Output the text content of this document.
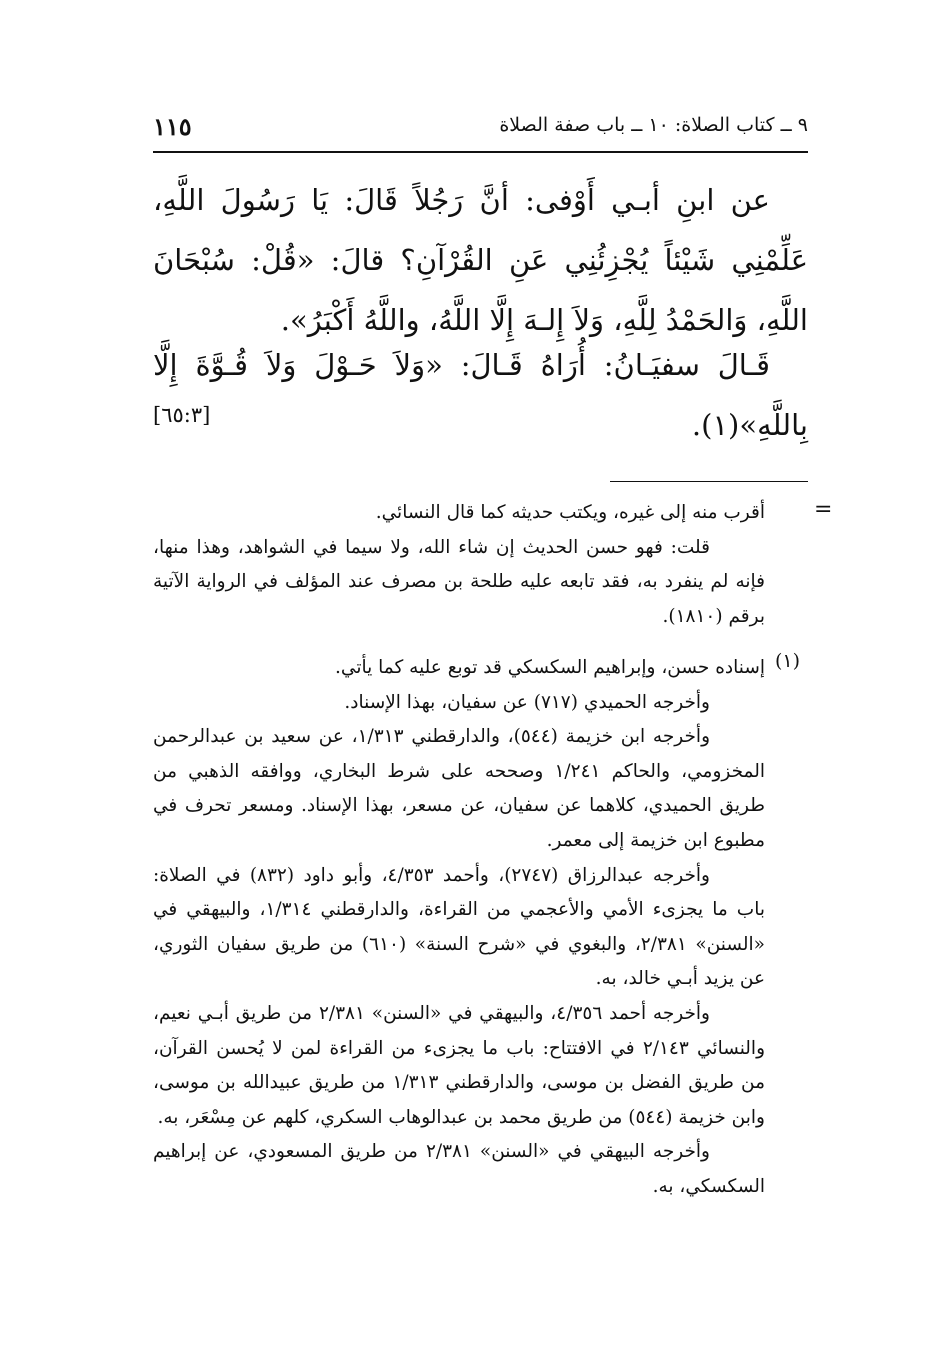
١١٥	٩ ــ كتاب الصلاة: ١٠ ــ باب صفة الصلاة

عن ابنِ أبـي أَوْفى: أنَّ رَجُلاً قَالَ: يَا رَسُولَ اللَّهِ، عَلِّمْنِي شَيْئاً يُجْزِئُنِي عَنِ القُرْآنِ؟ قالَ: «قُلْ: سُبْحَانَ اللَّهِ، وَالحَمْدُ لِلَّهِ، وَلاَ إِلـهَ إِلَّا اللَّهُ، واللَّهُ أَكْبَرُ».

قَـالَ سفيَـانُ: أُرَاهُ قَـالَ: «وَلاَ حَـوْلَ وَلاَ قُـوَّةَ إِلَّا بِاللَّهِ»(١).

[٦٥:٣]
=

أقرب منه إلى غيره، ويكتب حديثه كما قال النسائي.

قلت: فهو حسن الحديث إن شاء الله، ولا سيما في الشواهد، وهذا منها، فإنه لم ينفرد به، فقد تابعه عليه طلحة بن مصرف عند المؤلف في الرواية الآتية برقم (١٨١٠).

(١)

إسناده حسن، وإبراهيم السكسكي قد توبع عليه كما يأتي.

وأخرجه الحميدي (٧١٧) عن سفيان، بهذا الإسناد.

وأخرجه ابن خزيمة (٥٤٤)، والدارقطني ١/٣١٣، عن سعيد بن عبدالرحمن المخزومي، والحاكم ١/٢٤١ وصححه على شرط البخاري، ووافقه الذهبي من طريق الحميدي، كلاهما عن سفيان، عن مسعر، بهذا الإسناد. ومسعر تحرف في مطبوع ابن خزيمة إلى معمر.

وأخرجه عبدالرزاق (٢٧٤٧)، وأحمد ٤/٣٥٣، وأبو داود (٨٣٢) في الصلاة: باب ما يجزىء الأمي والأعجمي من القراءة، والدارقطني ١/٣١٤، والبيهقي في «السنن» ٢/٣٨١، والبغوي في «شرح السنة» (٦١٠) من طريق سفيان الثوري، عن يزيد أبـي خالد، به.

وأخرجه أحمد ٤/٣٥٦، والبيهقي في «السنن» ٢/٣٨١ من طريق أبـي نعيم، والنسائي ٢/١٤٣ في الافتتاح: باب ما يجزىء من القراءة لمن لا يُحسن القرآن، من طريق الفضل بن موسى، والدارقطني ١/٣١٣ من طريق عبيدالله بن موسى، وابن خزيمة (٥٤٤) من طريق محمد بن عبدالوهاب السكري، كلهم عن مِسْعَر، به.

وأخرجه البيهقي في «السنن» ٢/٣٨١ من طريق المسعودي، عن إبراهيم السكسكي، به.
